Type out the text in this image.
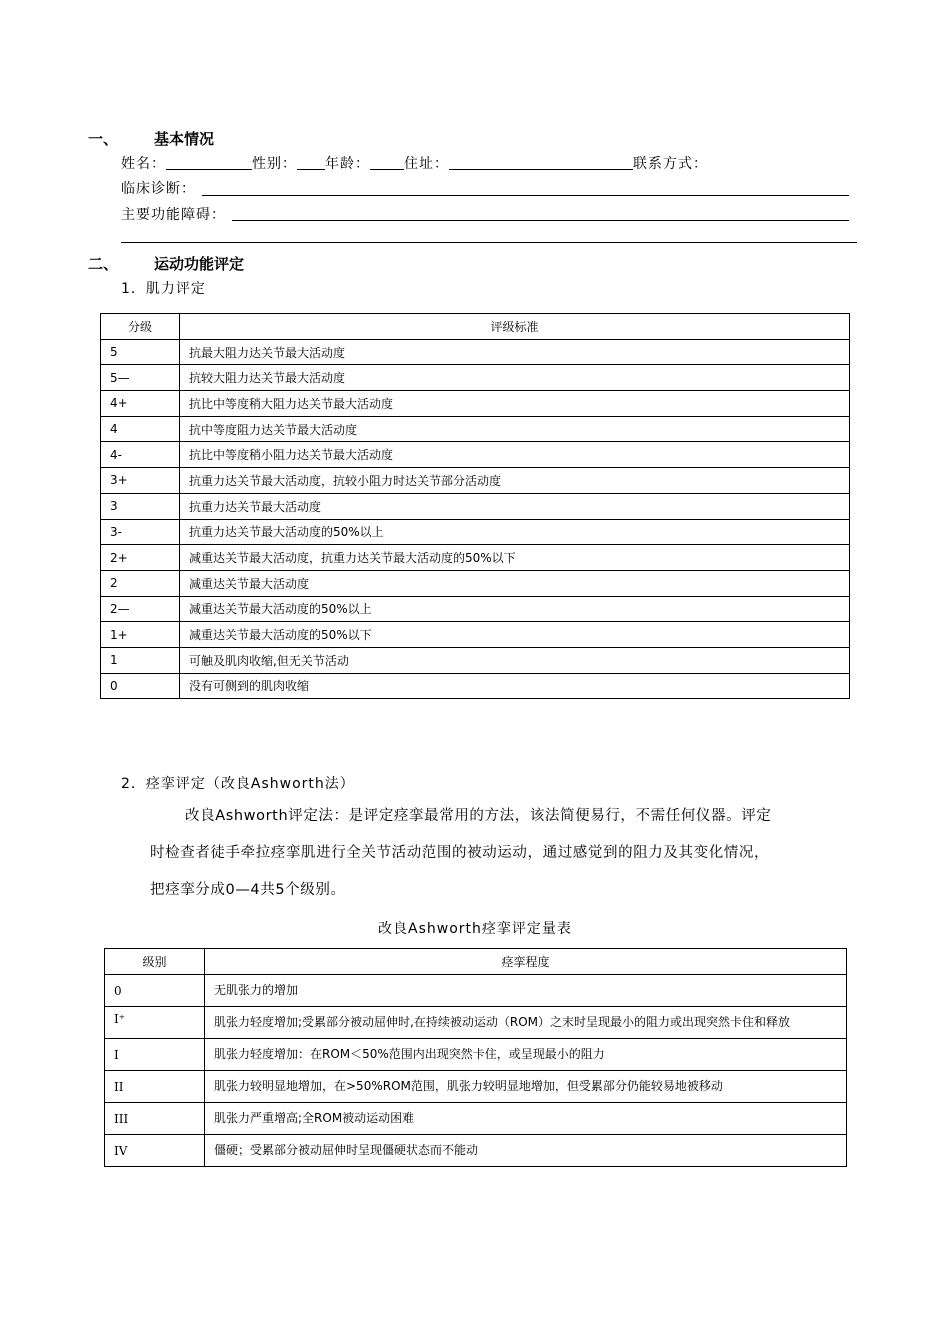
一、 基本情况
姓名：	性别： 年龄： 住址：	联系方式：
临床诊断：
主要功能障碍：
二、 运动功能评定
1．肌力评定
分级	评级标准
5	抗最大阻力达关节最大活动度
5—	抗较大阻力达关节最大活动度
4+	抗比中等度稍大阻力达关节最大活动度
4	抗中等度阻力达关节最大活动度
4-	抗比中等度稍小阻力达关节最大活动度
3+	抗重力达关节最大活动度，抗较小阻力时达关节部分活动度
3	抗重力达关节最大活动度
3-	抗重力达关节最大活动度的50%以上
2+	减重达关节最大活动度，抗重力达关节最大活动度的50%以下
2	减重达关节最大活动度
2—	减重达关节最大活动度的50%以上
1+	减重达关节最大活动度的50%以下
1	可触及肌肉收缩,但无关节活动
0	没有可侧到的肌肉收缩
2．痉挛评定（改良Ashworth法）
改良Ashworth评定法：是评定痉挛最常用的方法，该法简便易行，不需任何仪器。评定
时检查者徒手牵拉痉挛肌进行全关节活动范围的被动运动，通过感觉到的阻力及其变化情况，
把痉挛分成0—4共5个级别。
改良Ashworth痉挛评定量表
级别	痉挛程度
0	无肌张力的增加
I⁺	肌张力轻度增加;受累部分被动屈伸时,在持续被动运动（ROM）之末时呈现最小的阻力或出现突然卡住和释放
I	肌张力轻度增加：在ROM＜50%范围内出现突然卡住，或呈现最小的阻力
II	肌张力较明显地增加，在>50%ROM范围，肌张力较明显地增加，但受累部分仍能较易地被移动
III	肌张力严重增高;全ROM被动运动困难
IV	僵硬；受累部分被动屈伸时呈现僵硬状态而不能动
